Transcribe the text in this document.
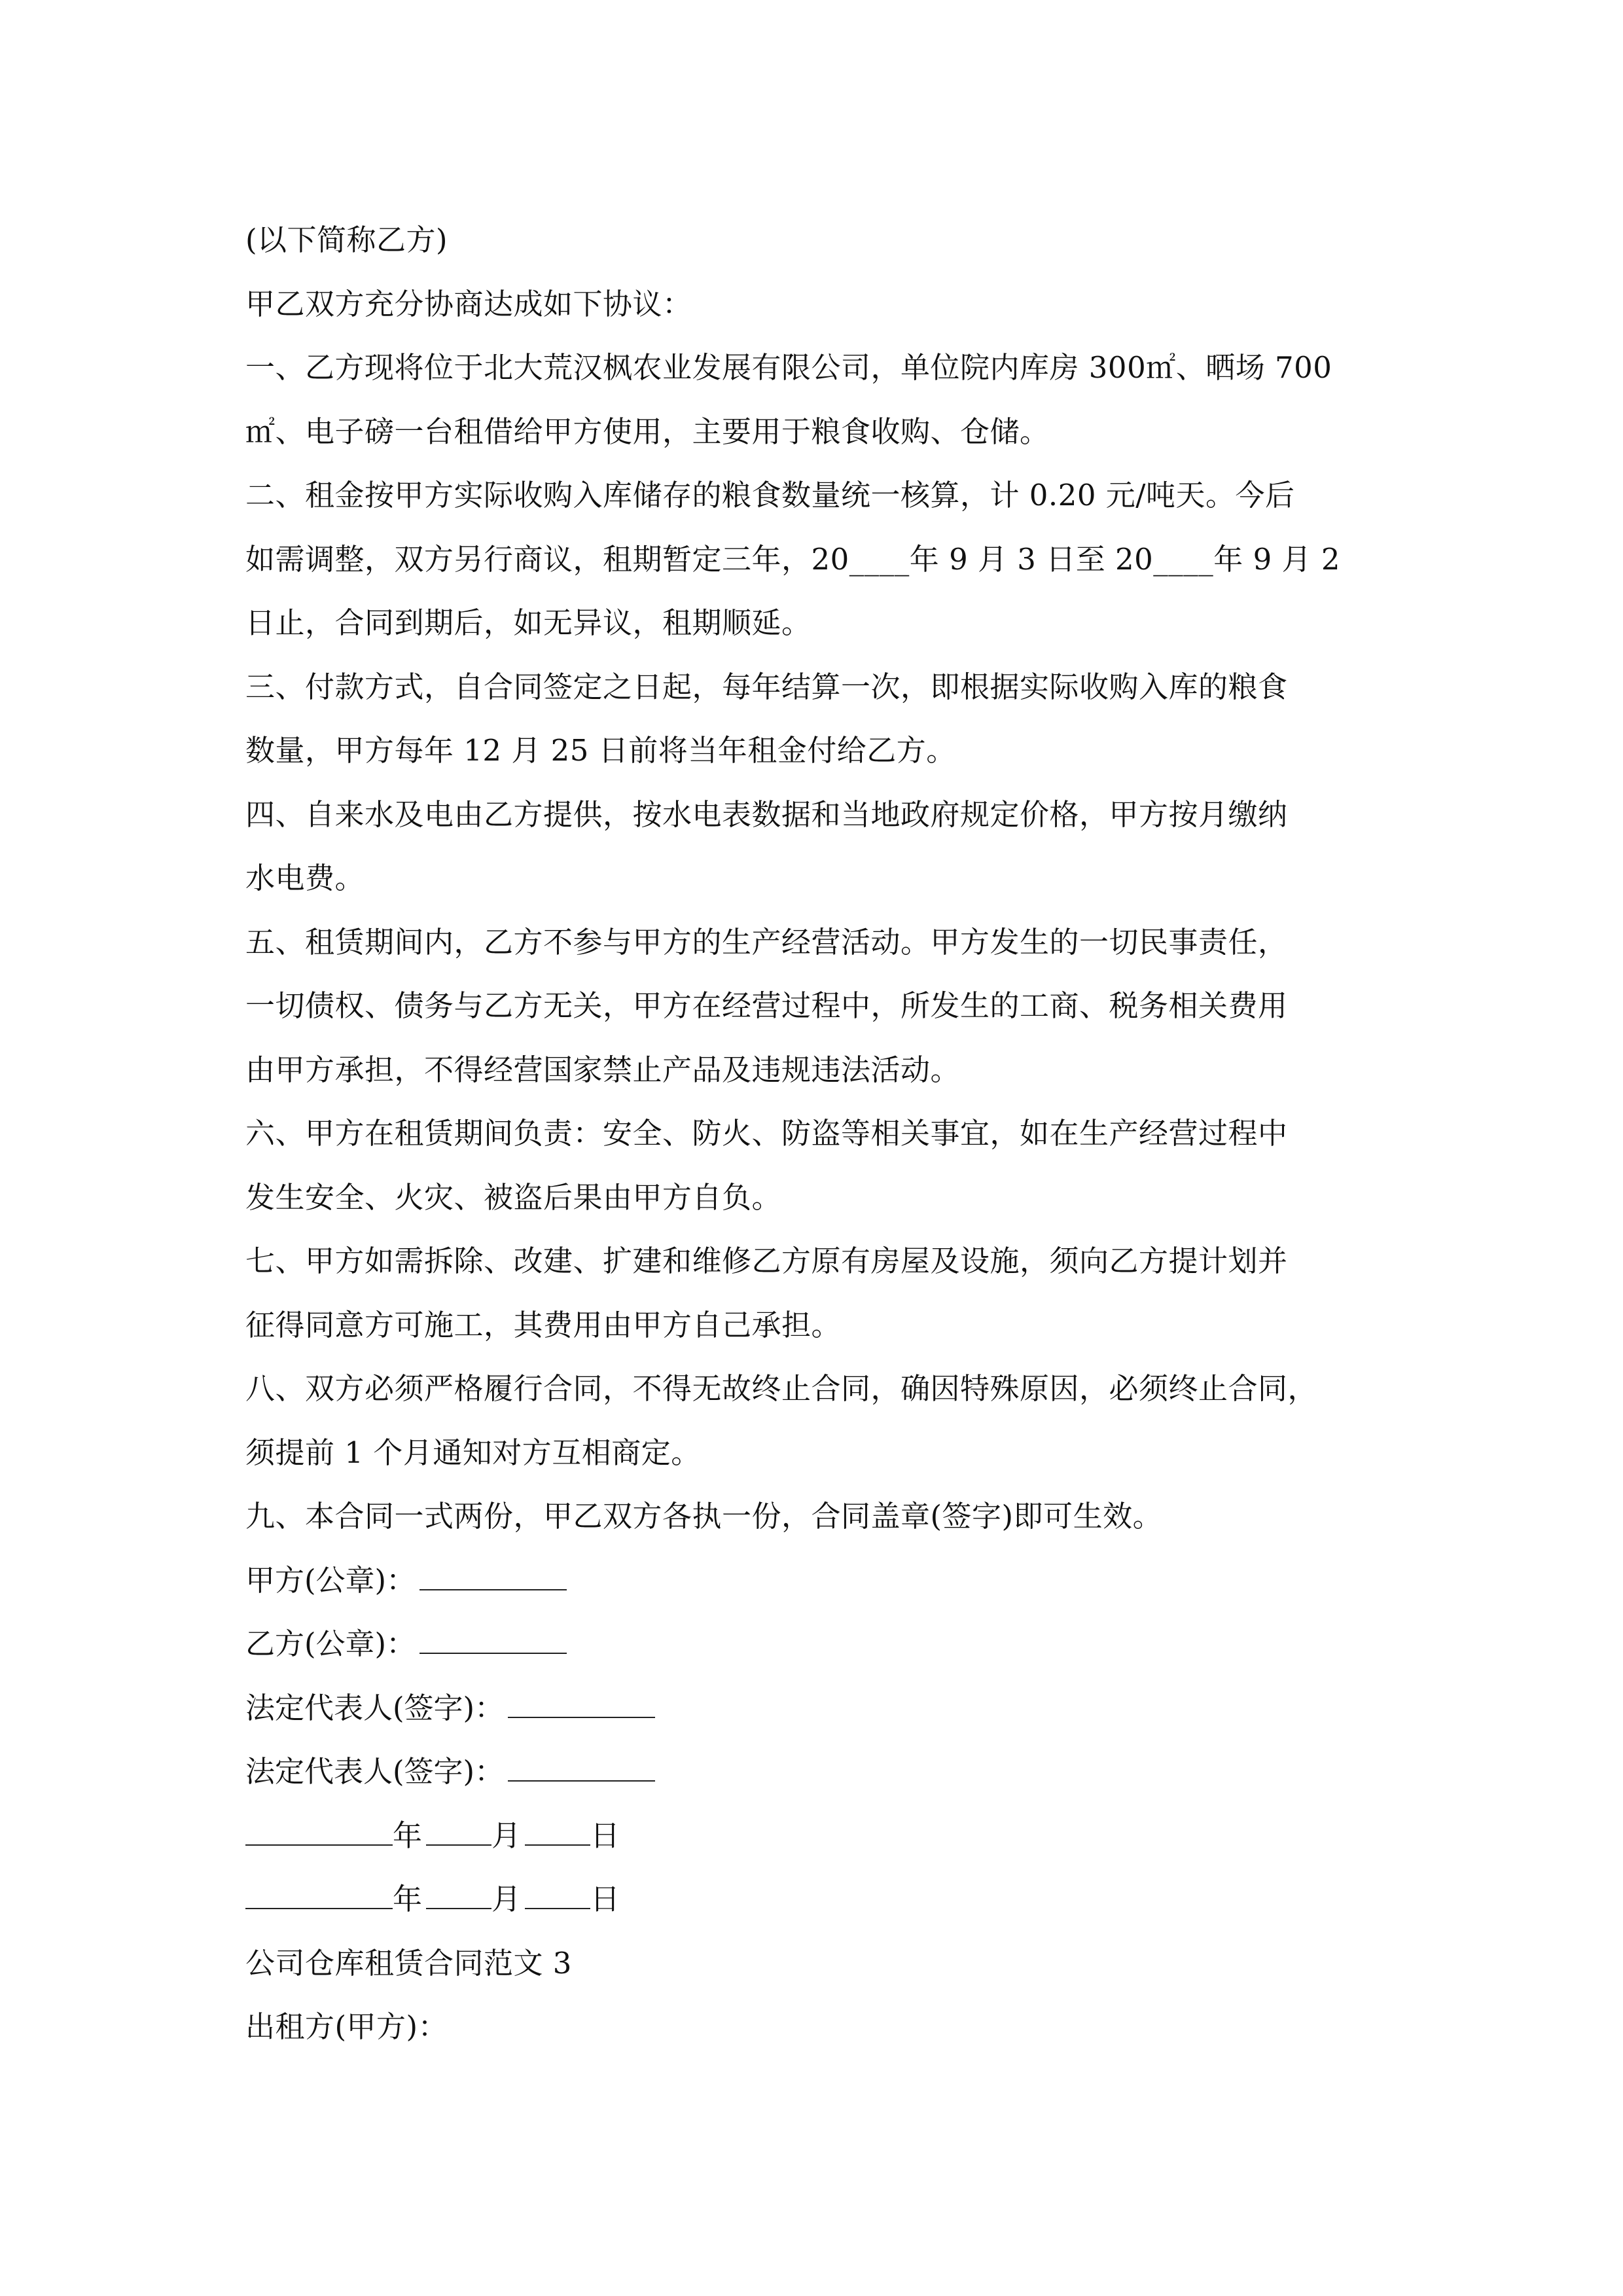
(以下简称乙方)
甲乙双方充分协商达成如下协议：
一、乙方现将位于北大荒汉枫农业发展有限公司，单位院内库房 300㎡、晒场 700
㎡、电子磅一台租借给甲方使用，主要用于粮食收购、仓储。
二、租金按甲方实际收购入库储存的粮食数量统一核算，计 0.20 元/吨天。今后
如需调整，双方另行商议，租期暂定三年，20____年 9 月 3 日至 20____年 9 月 2
日止，合同到期后，如无异议，租期顺延。
三、付款方式，自合同签定之日起，每年结算一次，即根据实际收购入库的粮食
数量，甲方每年 12 月 25 日前将当年租金付给乙方。
四、自来水及电由乙方提供，按水电表数据和当地政府规定价格，甲方按月缴纳
水电费。
五、租赁期间内，乙方不参与甲方的生产经营活动。甲方发生的一切民事责任，
一切债权、债务与乙方无关，甲方在经营过程中，所发生的工商、税务相关费用
由甲方承担，不得经营国家禁止产品及违规违法活动。
六、甲方在租赁期间负责：安全、防火、防盗等相关事宜，如在生产经营过程中
发生安全、火灾、被盗后果由甲方自负。
七、甲方如需拆除、改建、扩建和维修乙方原有房屋及设施，须向乙方提计划并
征得同意方可施工，其费用由甲方自己承担。
八、双方必须严格履行合同，不得无故终止合同，确因特殊原因，必须终止合同，
须提前 1 个月通知对方互相商定。
九、本合同一式两份，甲乙双方各执一份，合同盖章(签字)即可生效。
甲方(公章)：
乙方(公章)：
法定代表人(签字)：
法定代表人(签字)：
年 月 日
年 月 日
公司仓库租赁合同范文 3
出租方(甲方)：
